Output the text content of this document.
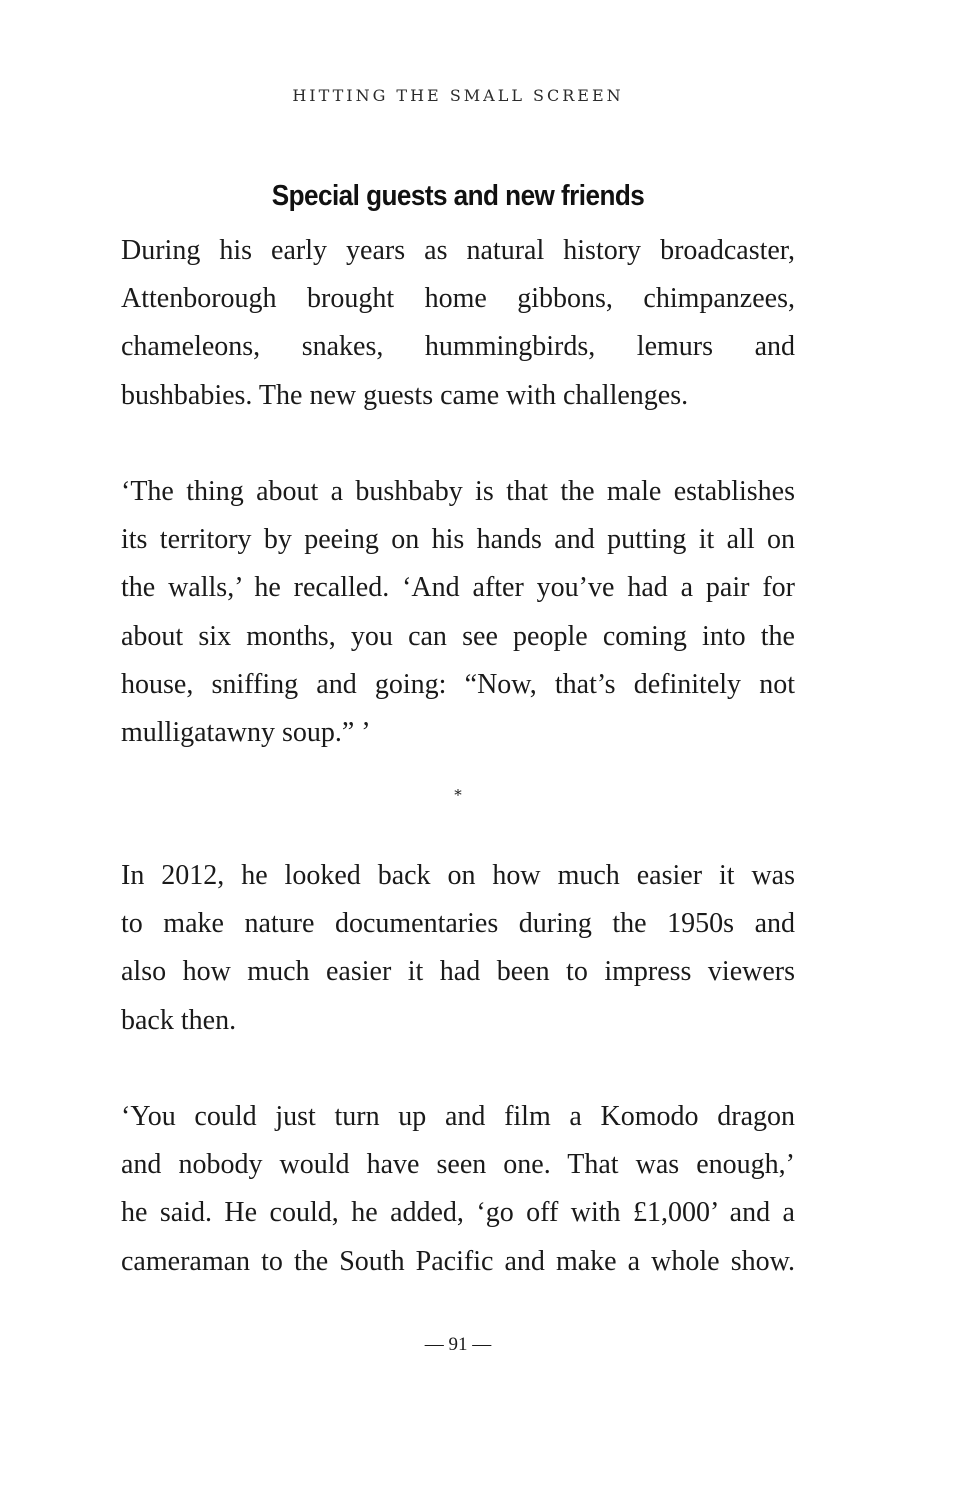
HITTING THE SMALL SCREEN
Special guests and new friends

During his early years as natural history broadcaster,
Attenborough brought home gibbons, chimpanzees,
chameleons, snakes, hummingbirds, lemurs and
bushbabies. The new guests came with challenges.

‘The thing about a bushbaby is that the male establishes
its territory by peeing on his hands and putting it all on
the walls,’ he recalled. ‘And after you’ve had a pair for
about six months, you can see people coming into the
house, sniffing and going: “Now, that’s definitely not
mulligatawny soup.” ’

*

In 2012, he looked back on how much easier it was
to make nature documentaries during the 1950s and
also how much easier it had been to impress viewers
back then.

‘You could just turn up and film a Komodo dragon
and nobody would have seen one. That was enough,’
he said. He could, he added, ‘go off with £1,000’ and a
cameraman to the South Pacific and make a whole show.

— 91 —
